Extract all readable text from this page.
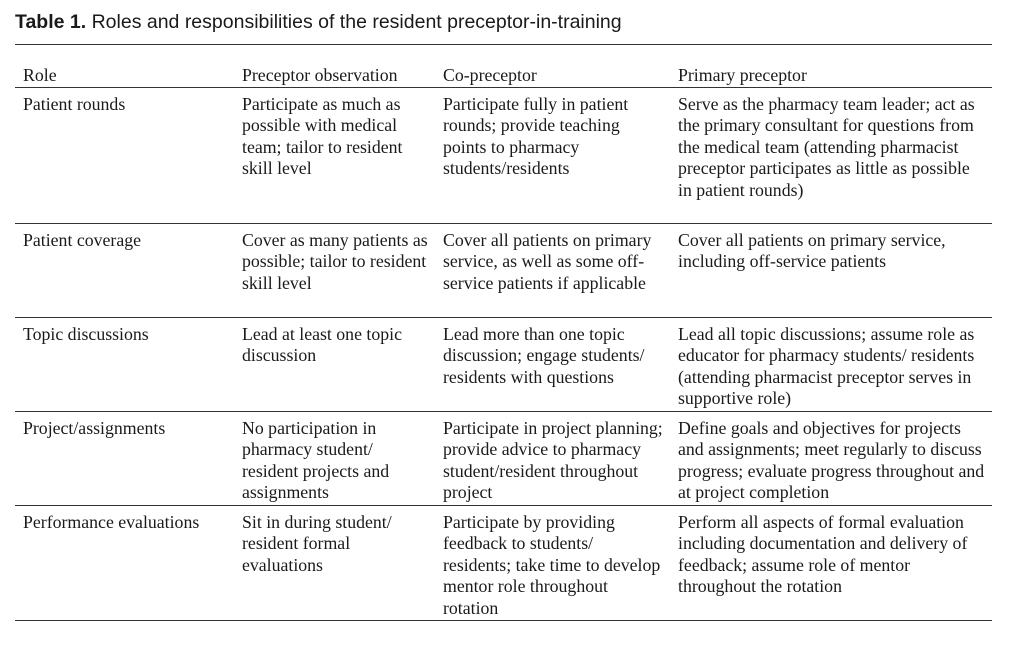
Table 1. Roles and responsibilities of the resident preceptor-in-training
Role	Preceptor observation	Co-preceptor	Primary preceptor
Patient rounds	Participate as much as possible with medical team; tailor to resident skill level	Participate fully in patient rounds; provide teaching points to pharmacy students/residents	Serve as the pharmacy team leader; act as the primary consultant for questions from the medical team (attending pharmacist preceptor participates as little as possible in patient rounds)
Patient coverage	Cover as many patients as possible; tailor to resident skill level	Cover all patients on primary service, as well as some off-service patients if applicable	Cover all patients on primary service, including off-service patients
Topic discussions	Lead at least one topic discussion	Lead more than one topic discussion; engage students/ residents with questions	Lead all topic discussions; assume role as educator for pharmacy students/ residents (attending pharmacist preceptor serves in supportive role)
Project/assignments	No participation in pharmacy student/ resident projects and assignments	Participate in project planning; provide advice to pharmacy student/resident throughout project	Define goals and objectives for projects and assignments; meet regularly to discuss progress; evaluate progress throughout and at project completion
Performance evaluations	Sit in during student/ resident formal evaluations	Participate by providing feedback to students/ residents; take time to develop mentor role throughout rotation	Perform all aspects of formal evaluation including documentation and delivery of feedback; assume role of mentor throughout the rotation
